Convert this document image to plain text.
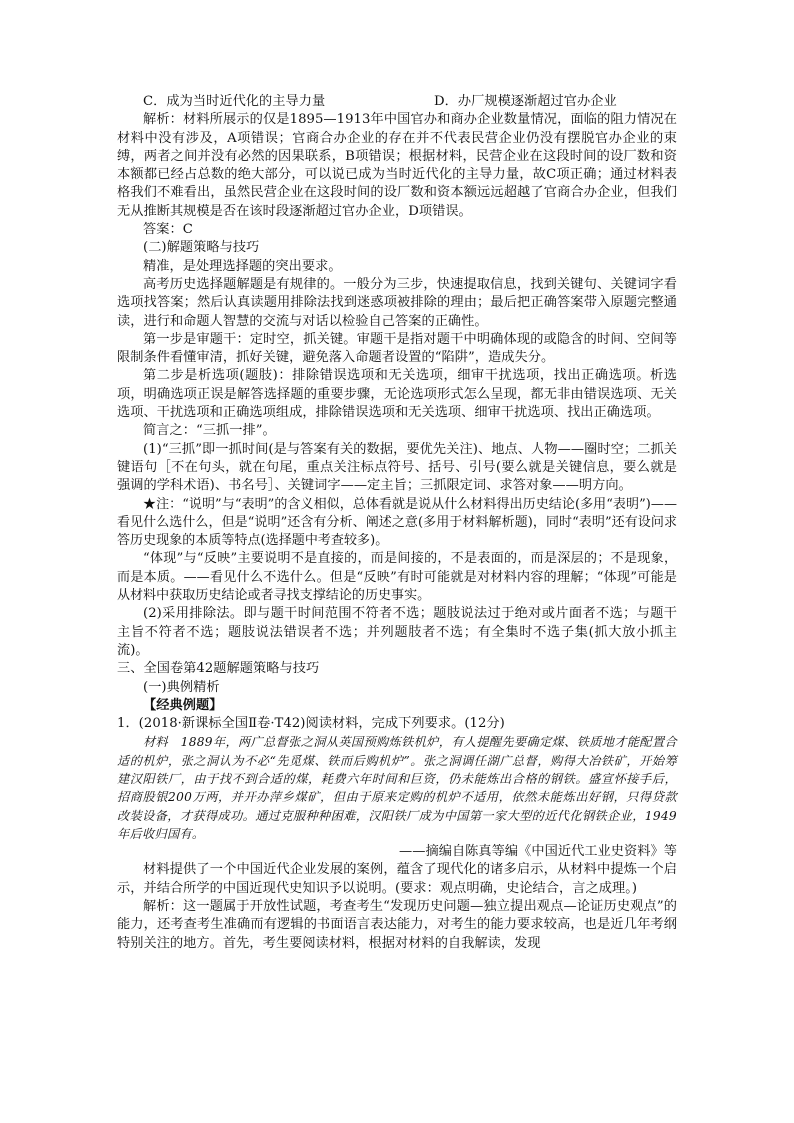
C．成为当时近代化的主导力量	D．办厂规模逐渐超过官办企业

解析：材料所展示的仅是1895—1913年中国官办和商办企业数量情况，面临的阻力情况在材料中没有涉及，A项错误；官商合办企业的存在并不代表民营企业仍没有摆脱官办企业的束缚，两者之间并没有必然的因果联系，B项错误；根据材料，民营企业在这段时间的设厂数和资本额都已经占总数的绝大部分，可以说已成为当时近代化的主导力量，故C项正确；通过材料表格我们不难看出，虽然民营企业在这段时间的设厂数和资本额远远超越了官商合办企业，但我们无从推断其规模是否在该时段逐渐超过官办企业，D项错误。

答案：C

(二)解题策略与技巧

精准，是处理选择题的突出要求。

高考历史选择题解题是有规律的。一般分为三步，快速提取信息，找到关键句、关键词字看选项找答案；然后认真读题用排除法找到迷惑项被排除的理由；最后把正确答案带入原题完整通读，进行和命题人智慧的交流与对话以检验自己答案的正确性。

第一步是审题干：定时空，抓关键。审题干是指对题干中明确体现的或隐含的时间、空间等限制条件看懂审清，抓好关键，避免落入命题者设置的“陷阱”，造成失分。

第二步是析选项(题肢)：排除错误选项和无关选项，细审干扰选项，找出正确选项。析选项，明确选项正误是解答选择题的重要步骤，无论选项形式怎么呈现，都无非由错误选项、无关选项、干扰选项和正确选项组成，排除错误选项和无关选项、细审干扰选项、找出正确选项。

简言之：“三抓一排”。

(1)“三抓”即一抓时间(是与答案有关的数据，要优先关注)、地点、人物——圈时空；二抓关键语句［不在句头，就在句尾，重点关注标点符号、括号、引号(要么就是关键信息，要么就是强调的学科术语)、书名号］、关键词字——定主旨；三抓限定词、求答对象——明方向。

★注：“说明”与“表明”的含义相似，总体看就是说从什么材料得出历史结论(多用“表明”)——看见什么选什么，但是“说明”还含有分析、阐述之意(多用于材料解析题)，同时“表明”还有设问求答历史现象的本质等特点(选择题中考查较多)。

“体现”与“反映”主要说明不是直接的，而是间接的，不是表面的，而是深层的；不是现象，而是本质。——看见什么不选什么。但是“反映”有时可能就是对材料内容的理解；“体现”可能是从材料中获取历史结论或者寻找支撑结论的历史事实。

(2)采用排除法。即与题干时间范围不符者不选；题肢说法过于绝对或片面者不选；与题干主旨不符者不选；题肢说法错误者不选；并列题肢者不选；有全集时不选子集(抓大放小抓主流)。

三、全国卷第42题解题策略与技巧

(一)典例精析

【经典例题】

1．(2018·新课标全国Ⅱ卷·T42)阅读材料，完成下列要求。(12分)

材料　1889年，两广总督张之洞从英国预购炼铁机炉，有人提醒先要确定煤、铁质地才能配置合适的机炉，张之洞认为不必“先觅煤、铁而后购机炉”。张之洞调任湖广总督，购得大冶铁矿，开始筹建汉阳铁厂，由于找不到合适的煤，耗费六年时间和巨资，仍未能炼出合格的钢铁。盛宣怀接手后，招商股银200万两，并开办萍乡煤矿，但由于原来定购的机炉不适用，依然未能炼出好钢，只得贷款改装设备，才获得成功。通过克服种种困难，汉阳铁厂成为中国第一家大型的近代化钢铁企业，1949年后收归国有。

——摘编自陈真等编《中国近代工业史资料》等

材料提供了一个中国近代企业发展的案例，蕴含了现代化的诸多启示，从材料中提炼一个启示，并结合所学的中国近现代史知识予以说明。(要求：观点明确，史论结合，言之成理。)

解析：这一题属于开放性试题，考查考生“发现历史问题—独立提出观点—论证历史观点”的能力，还考查考生准确而有逻辑的书面语言表达能力，对考生的能力要求较高，也是近几年考纲特别关注的地方。首先，考生要阅读材料，根据对材料的自我解读，发现
